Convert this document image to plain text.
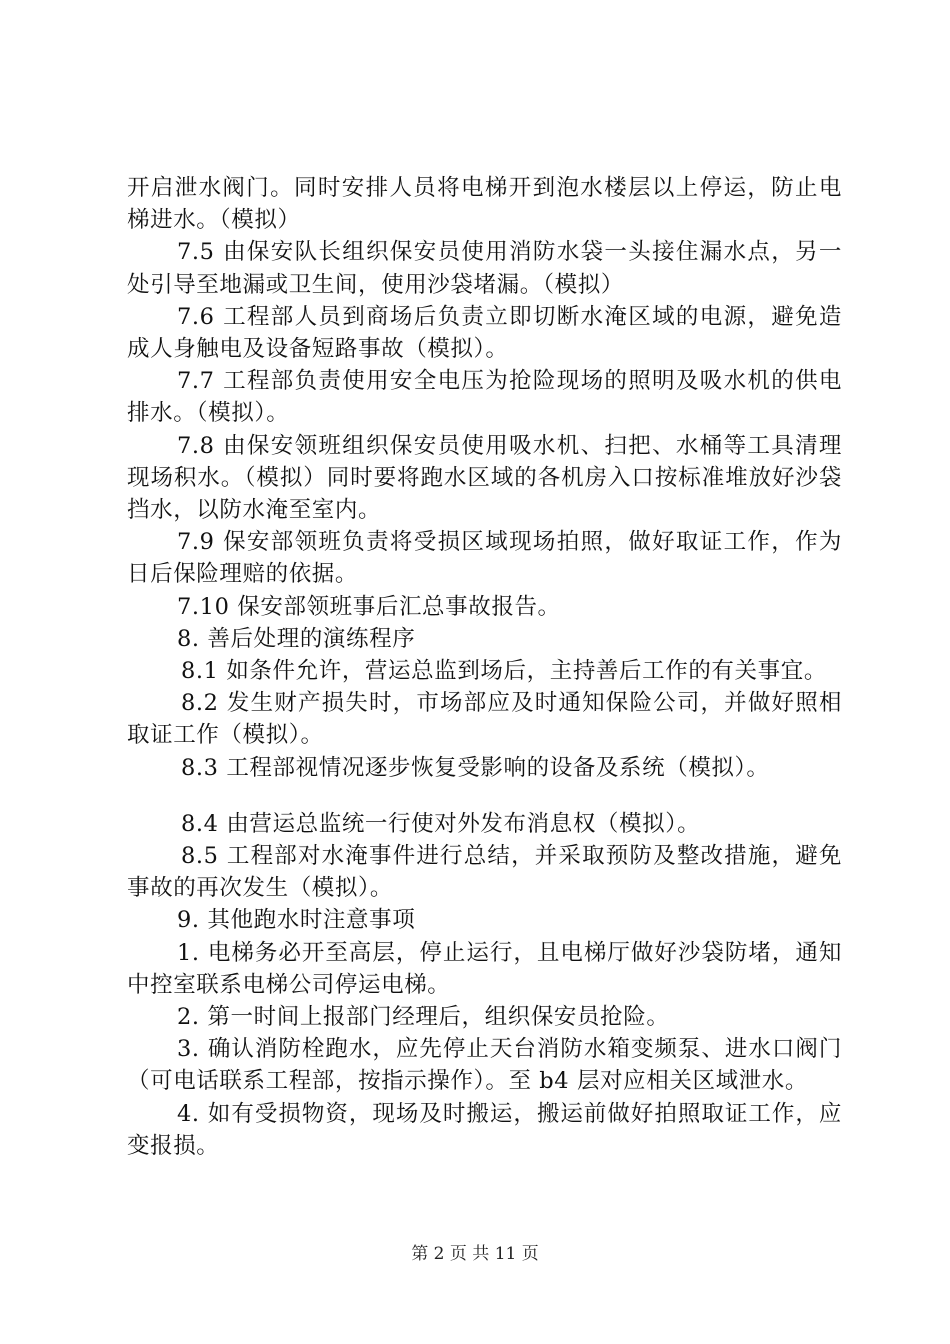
开启泄水阀门。同时安排人员将电梯开到泡水楼层以上停运，防止电梯进水。（模拟）

7.5 由保安队长组织保安员使用消防水袋一头接住漏水点，另一处引导至地漏或卫生间，使用沙袋堵漏。（模拟）

7.6 工程部人员到商场后负责立即切断水淹区域的电源，避免造成人身触电及设备短路事故（模拟）。

7.7 工程部负责使用安全电压为抢险现场的照明及吸水机的供电排水。（模拟）。

7.8 由保安领班组织保安员使用吸水机、扫把、水桶等工具清理现场积水。（模拟）同时要将跑水区域的各机房入口按标准堆放好沙袋挡水，以防水淹至室内。

7.9 保安部领班负责将受损区域现场拍照，做好取证工作，作为日后保险理赔的依据。

7.10 保安部领班事后汇总事故报告。

8. 善后处理的演练程序

8.1 如条件允许，营运总监到场后，主持善后工作的有关事宜。

8.2 发生财产损失时，市场部应及时通知保险公司，并做好照相取证工作（模拟）。

8.3 工程部视情况逐步恢复受影响的设备及系统（模拟）。

8.4 由营运总监统一行使对外发布消息权（模拟）。

8.5 工程部对水淹事件进行总结，并采取预防及整改措施，避免事故的再次发生（模拟）。

9. 其他跑水时注意事项

1. 电梯务必开至高层，停止运行，且电梯厅做好沙袋防堵，通知中控室联系电梯公司停运电梯。

2. 第一时间上报部门经理后，组织保安员抢险。

3. 确认消防栓跑水，应先停止天台消防水箱变频泵、进水口阀门（可电话联系工程部，按指示操作）。至 b4 层对应相关区域泄水。

4. 如有受损物资，现场及时搬运，搬运前做好拍照取证工作，应变报损。

第 2 页 共 11 页
